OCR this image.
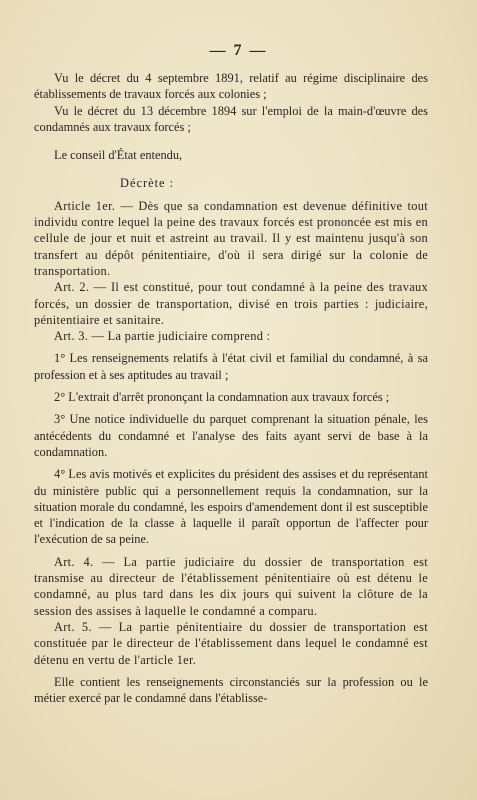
— 7 —

Vu le décret du 4 septembre 1891, relatif au régime disciplinaire des établissements de travaux forcés aux colonies ;

Vu le décret du 13 décembre 1894 sur l'emploi de la main-d'œuvre des condamnés aux travaux forcés ;

Le conseil d'État entendu,

Décrète :

Article 1er. — Dès que sa condamnation est devenue définitive tout individu contre lequel la peine des travaux forcés est prononcée est mis en cellule de jour et nuit et astreint au travail. Il y est maintenu jusqu'à son transfert au dépôt pénitentiaire, d'où il sera dirigé sur la colonie de transportation.

Art. 2. — Il est constitué, pour tout condamné à la peine des travaux forcés, un dossier de transportation, divisé en trois parties : judiciaire, pénitentiaire et sanitaire.

Art. 3. — La partie judiciaire comprend :

1° Les renseignements relatifs à l'état civil et familial du condamné, à sa profession et à ses aptitudes au travail ;

2° L'extrait d'arrêt prononçant la condamnation aux travaux forcés ;

3° Une notice individuelle du parquet comprenant la situation pénale, les antécédents du condamné et l'analyse des faits ayant servi de base à la condamnation.

4° Les avis motivés et explicites du président des assises et du représentant du ministère public qui a personnellement requis la condamnation, sur la situation morale du condamné, les espoirs d'amendement dont il est susceptible et l'indication de la classe à laquelle il paraît opportun de l'affecter pour l'exécution de sa peine.

Art. 4. — La partie judiciaire du dossier de transportation est transmise au directeur de l'établissement pénitentiaire où est détenu le condamné, au plus tard dans les dix jours qui suivent la clôture de la session des assises à laquelle le condamné a comparu.

Art. 5. — La partie pénitentiaire du dossier de transportation est constituée par le directeur de l'établissement dans lequel le condamné est détenu en vertu de l'article 1er.

Elle contient les renseignements circonstanciés sur la profession ou le métier exercé par le condamné dans l'établisse-
